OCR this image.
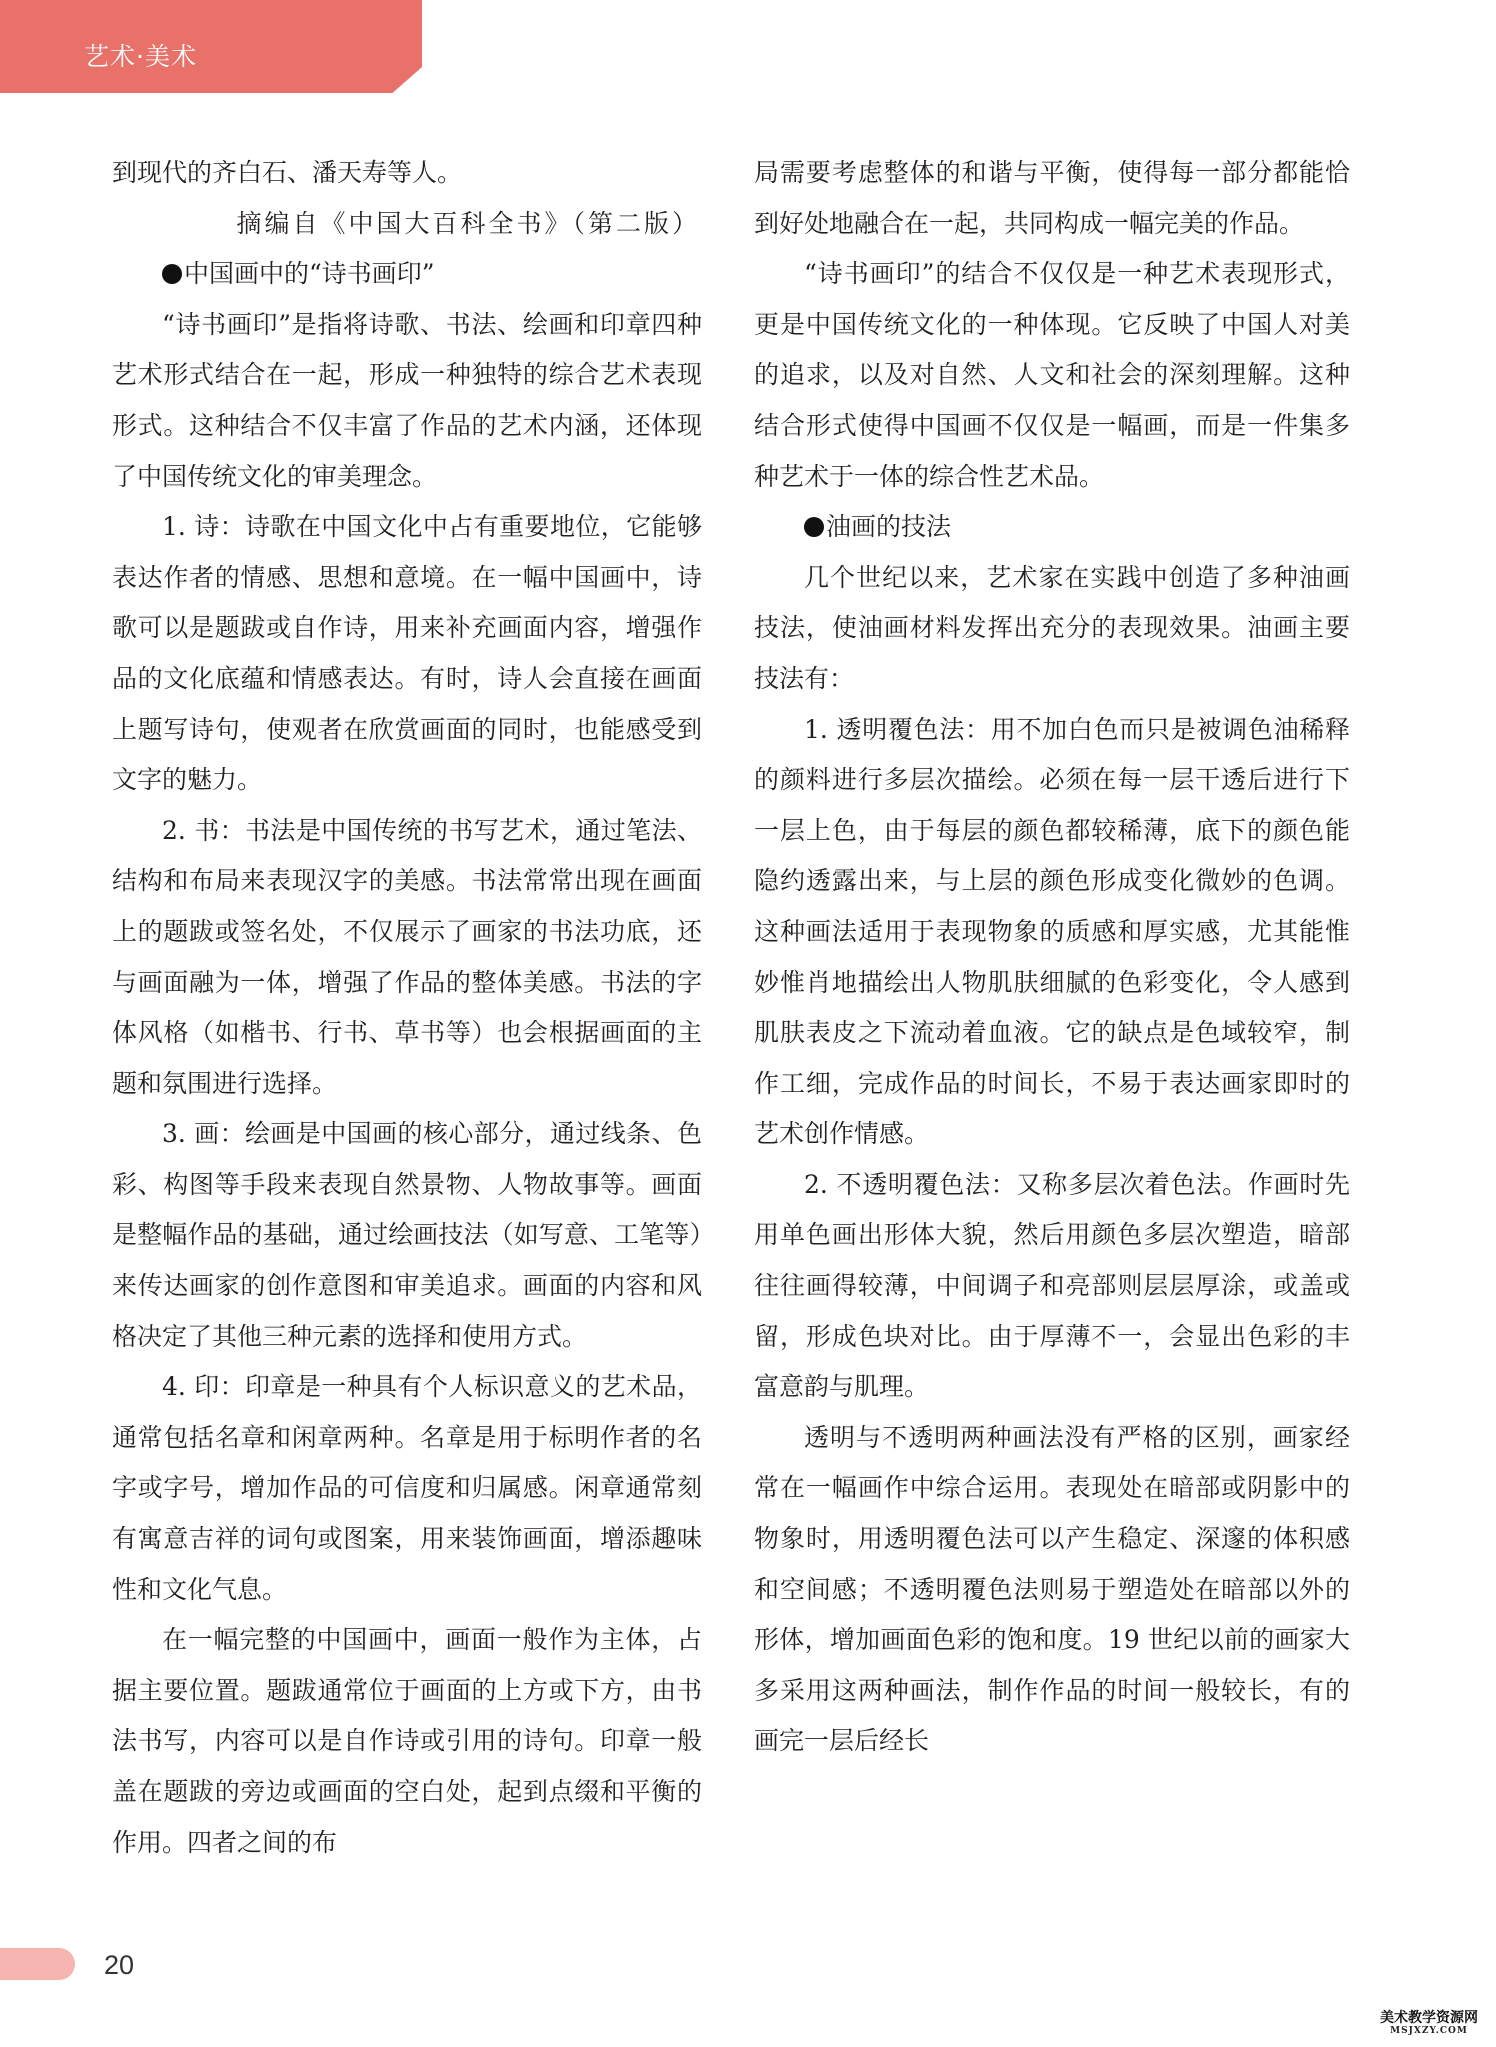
艺术·美术

到现代的齐白石、潘天寿等人。

摘编自《中国大百科全书》（第二版）

中国画中的“诗书画印”

“诗书画印”是指将诗歌、书法、绘画和印章四种艺术形式结合在一起，形成一种独特的综合艺术表现形式。这种结合不仅丰富了作品的艺术内涵，还体现了中国传统文化的审美理念。

1. 诗：诗歌在中国文化中占有重要地位，它能够表达作者的情感、思想和意境。在一幅中国画中，诗歌可以是题跋或自作诗，用来补充画面内容，增强作品的文化底蕴和情感表达。有时，诗人会直接在画面上题写诗句，使观者在欣赏画面的同时，也能感受到文字的魅力。

2. 书：书法是中国传统的书写艺术，通过笔法、结构和布局来表现汉字的美感。书法常常出现在画面上的题跋或签名处，不仅展示了画家的书法功底，还与画面融为一体，增强了作品的整体美感。书法的字体风格（如楷书、行书、草书等）也会根据画面的主题和氛围进行选择。

3. 画：绘画是中国画的核心部分，通过线条、色彩、构图等手段来表现自然景物、人物故事等。画面是整幅作品的基础，通过绘画技法（如写意、工笔等）来传达画家的创作意图和审美追求。画面的内容和风格决定了其他三种元素的选择和使用方式。

4. 印：印章是一种具有个人标识意义的艺术品，通常包括名章和闲章两种。名章是用于标明作者的名字或字号，增加作品的可信度和归属感。闲章通常刻有寓意吉祥的词句或图案，用来装饰画面，增添趣味性和文化气息。

在一幅完整的中国画中，画面一般作为主体，占据主要位置。题跋通常位于画面的上方或下方，由书法书写，内容可以是自作诗或引用的诗句。印章一般盖在题跋的旁边或画面的空白处，起到点缀和平衡的作用。四者之间的布

局需要考虑整体的和谐与平衡，使得每一部分都能恰到好处地融合在一起，共同构成一幅完美的作品。

“诗书画印”的结合不仅仅是一种艺术表现形式，更是中国传统文化的一种体现。它反映了中国人对美的追求，以及对自然、人文和社会的深刻理解。这种结合形式使得中国画不仅仅是一幅画，而是一件集多种艺术于一体的综合性艺术品。

油画的技法

几个世纪以来，艺术家在实践中创造了多种油画技法，使油画材料发挥出充分的表现效果。油画主要技法有：

1. 透明覆色法：用不加白色而只是被调色油稀释的颜料进行多层次描绘。必须在每一层干透后进行下一层上色，由于每层的颜色都较稀薄，底下的颜色能隐约透露出来，与上层的颜色形成变化微妙的色调。这种画法适用于表现物象的质感和厚实感，尤其能惟妙惟肖地描绘出人物肌肤细腻的色彩变化，令人感到肌肤表皮之下流动着血液。它的缺点是色域较窄，制作工细，完成作品的时间长，不易于表达画家即时的艺术创作情感。

2. 不透明覆色法：又称多层次着色法。作画时先用单色画出形体大貌，然后用颜色多层次塑造，暗部往往画得较薄，中间调子和亮部则层层厚涂，或盖或留，形成色块对比。由于厚薄不一，会显出色彩的丰富意韵与肌理。

透明与不透明两种画法没有严格的区别，画家经常在一幅画作中综合运用。表现处在暗部或阴影中的物象时，用透明覆色法可以产生稳定、深邃的体积感和空间感；不透明覆色法则易于塑造处在暗部以外的形体，增加画面色彩的饱和度。19 世纪以前的画家大多采用这两种画法，制作作品的时间一般较长，有的画完一层后经长

20
美术教学资源网
MSJXZY.COM
